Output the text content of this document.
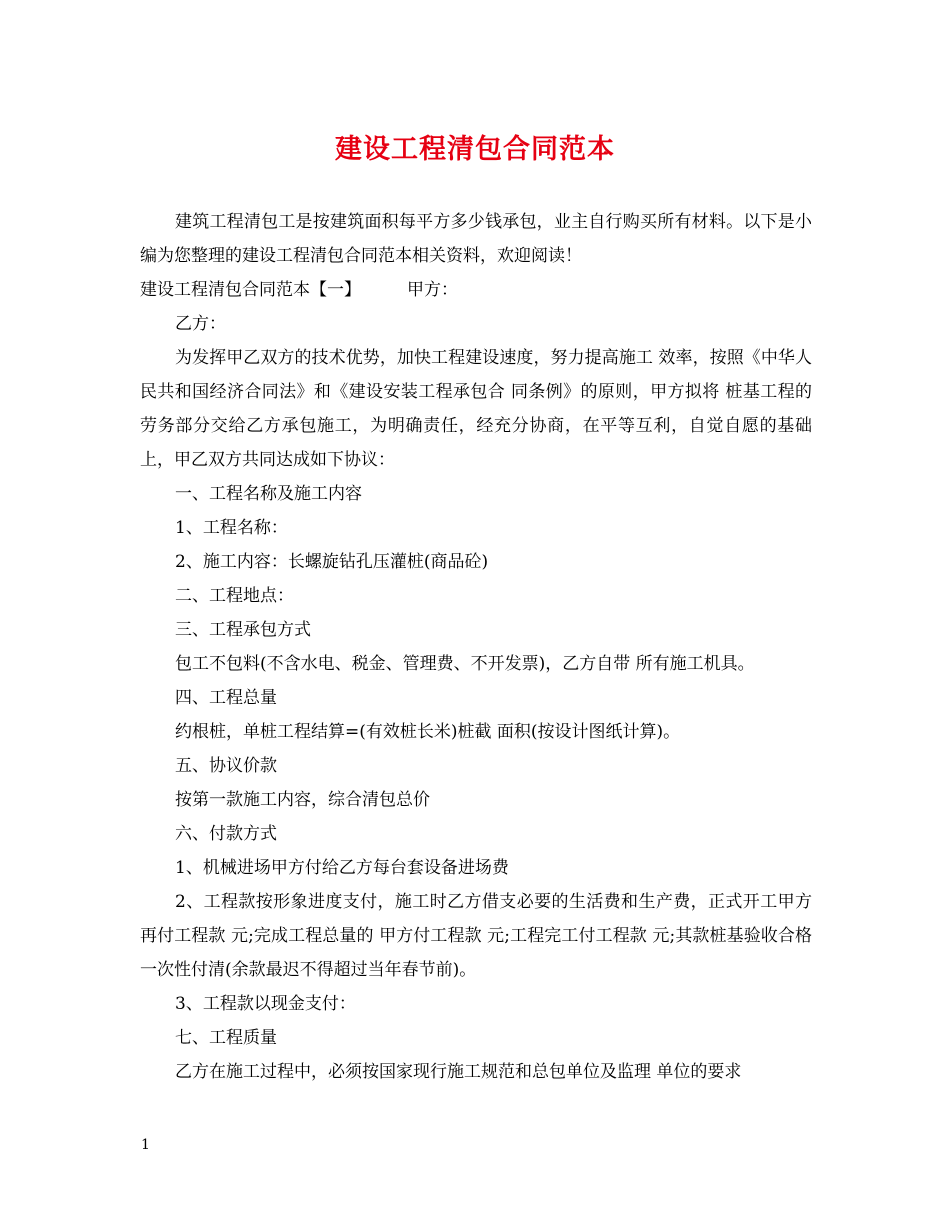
建设工程清包合同范本

建筑工程清包工是按建筑面积每平方多少钱承包，业主自行购买所有材料。以下是小编为您整理的建设工程清包合同范本相关资料，欢迎阅读！

建设工程清包合同范本【一】	甲方：

乙方：

为发挥甲乙双方的技术优势，加快工程建设速度，努力提高施工 效率，按照《中华人民共和国经济合同法》和《建设安装工程承包合 同条例》的原则，甲方拟将 桩基工程的劳务部分交给乙方承包施工，为明确责任，经充分协商，在平等互利，自觉自愿的基础上，甲乙双方共同达成如下协议：

一、工程名称及施工内容

1、工程名称：

2、施工内容：长螺旋钻孔压灌桩(商品砼)

二、工程地点：

三、工程承包方式

包工不包料(不含水电、税金、管理费、不开发票)，乙方自带 所有施工机具。

四、工程总量

约根桩，单桩工程结算=(有效桩长米)桩截 面积(按设计图纸计算)。

五、协议价款

按第一款施工内容，综合清包总价

六、付款方式

1、机械进场甲方付给乙方每台套设备进场费

2、工程款按形象进度支付，施工时乙方借支必要的生活费和生产费，正式开工甲方再付工程款 元;完成工程总量的 甲方付工程款 元;工程完工付工程款 元;其款桩基验收合格一次性付清(余款最迟不得超过当年春节前)。

3、工程款以现金支付：

七、工程质量

乙方在施工过程中，必须按国家现行施工规范和总包单位及监理 单位的要求

1
